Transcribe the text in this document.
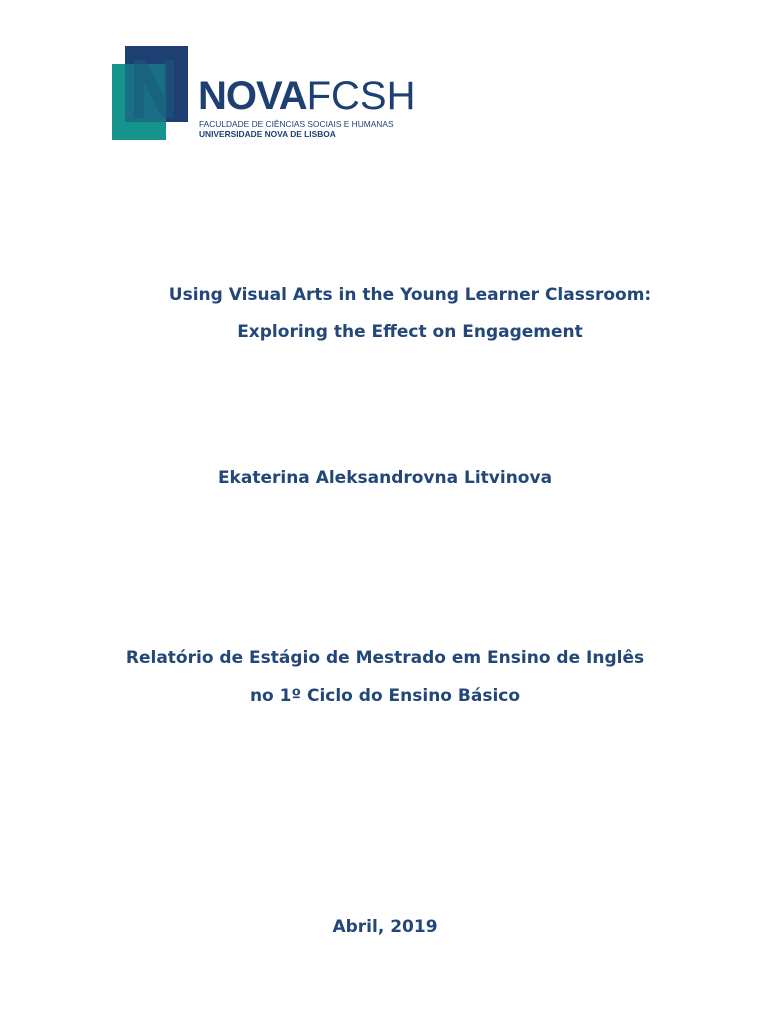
NOVAFCSH
FACULDADE DE CIÊNCIAS SOCIAIS E HUMANAS
UNIVERSIDADE NOVA DE LISBOA
Using Visual Arts in the Young Learner Classroom:
Exploring the Effect on Engagement
Ekaterina Aleksandrovna Litvinova
Relatório de Estágio de Mestrado em Ensino de Inglês
no 1º Ciclo do Ensino Básico
Abril, 2019
